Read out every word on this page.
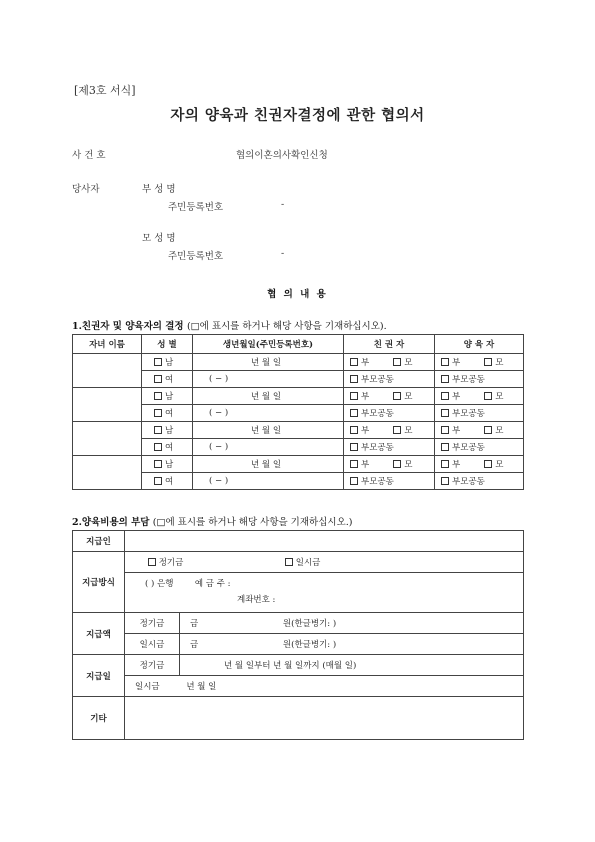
[제3호 서식]
자의 양육과 친권자결정에 관한 협의서
사 건 호	협의이혼의사확인신청
당사자	부 성 명
주민등록번호	-
모 성 명
주민등록번호	-
협 의 내 용
1.친권자 및 양육자의 결정 (□에 표시를 하거나 해당 사항을 기재하십시오).
자녀 이름	성 별	생년월일(주민등록번호)	친 권 자	양 육 자
	남	년 월 일	부 모	부 모
	여	( − )	부모공동	부모공동
	남	년 월 일	부 모	부 모
	여	( − )	부모공동	부모공동
	남	년 월 일	부 모	부 모
	여	( − )	부모공동	부모공동
	남	년 월 일	부 모	부 모
	여	( − )	부모공동	부모공동
2.양육비용의 부담 (□에 표시를 하거나 해당 사항을 기재하십시오.)
지급인		
지급방식	정기금 일시금	

	( ) 은행 예 금 주 :
계좌번호 :	

지급액	정기금	금 원(한글병기: )
	일시금	금 원(한글병기: )
지급일	정기금	년 월 일부터 년 월 일까지 (매월 일)
	일시금 년 월 일	
기타		
